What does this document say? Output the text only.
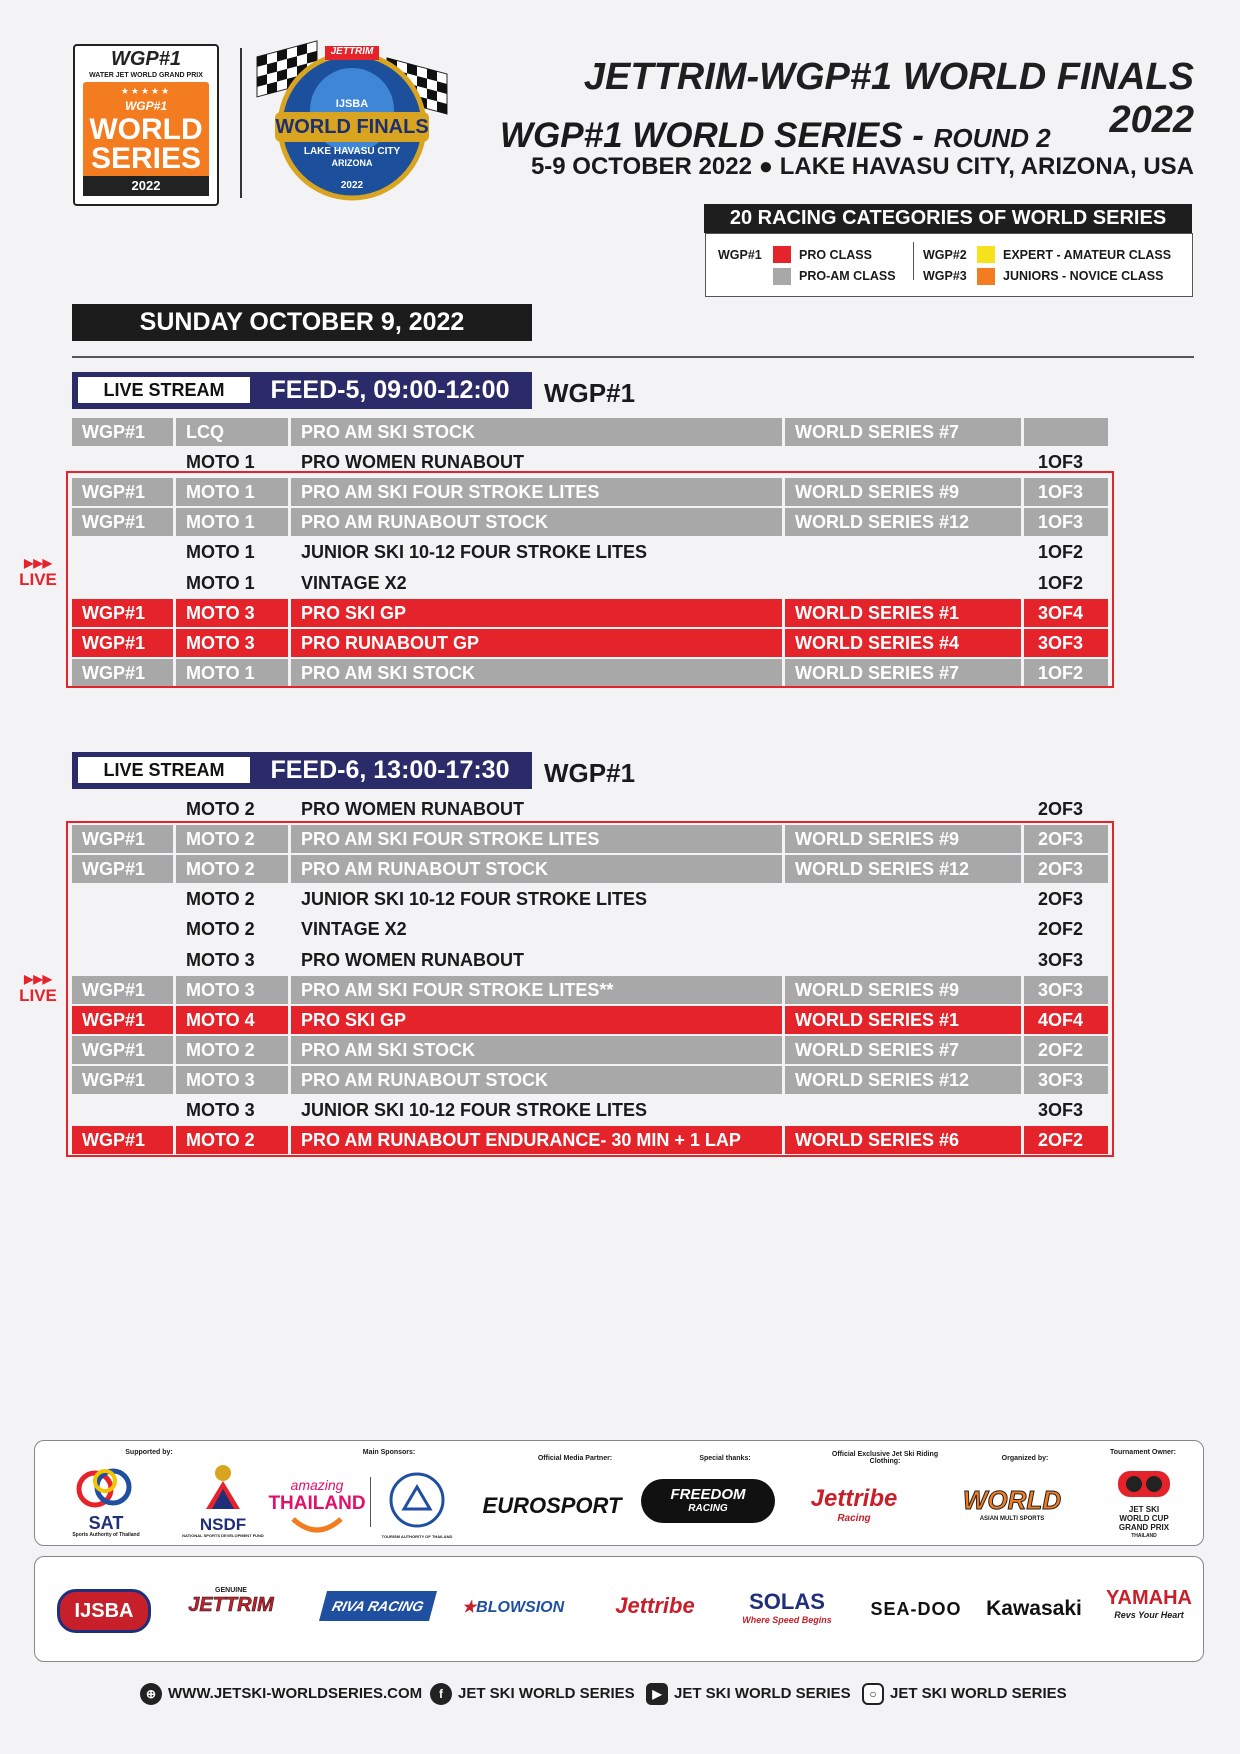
WGP#1
WATER JET WORLD GRAND PRIX
★★★★★
WGP#1
WORLD
SERIES
2022
JETTRIM
IJSBA
WORLD FINALS
LAKE HAVASU CITY
ARIZONA
2022
JETTRIM-WGP#1 WORLD FINALS 2022
WGP#1 WORLD SERIES - ROUND 2
5-9 OCTOBER 2022 ● LAKE HAVASU CITY, ARIZONA, USA
20 RACING CATEGORIES OF WORLD SERIES
WGP#1	PRO CLASS
PRO-AM CLASS
WGP#2	EXPERT - AMATEUR CLASS
WGP#3	JUNIORS - NOVICE CLASS
SUNDAY OCTOBER 9, 2022
LIVE STREAM	FEED-5, 09:00-12:00	WGP#1
WGP#1	LCQ	PRO AM SKI STOCK	WORLD SERIES #7
MOTO 1	PRO WOMEN RUNABOUT	1OF3
WGP#1	MOTO 1	PRO AM SKI FOUR STROKE LITES	WORLD SERIES #9	1OF3
WGP#1	MOTO 1	PRO AM RUNABOUT STOCK	WORLD SERIES #12	1OF3
MOTO 1	JUNIOR SKI 10-12 FOUR STROKE LITES	1OF2
MOTO 1	VINTAGE X2	1OF2
WGP#1	MOTO 3	PRO SKI GP	WORLD SERIES #1	3OF4
WGP#1	MOTO 3	PRO RUNABOUT GP	WORLD SERIES #4	3OF3
WGP#1	MOTO 1	PRO AM SKI STOCK	WORLD SERIES #7	1OF2
▶▶▶
LIVE
LIVE STREAM	FEED-6, 13:00-17:30	WGP#1
MOTO 2	PRO WOMEN RUNABOUT	2OF3
WGP#1	MOTO 2	PRO AM SKI FOUR STROKE LITES	WORLD SERIES #9	2OF3
WGP#1	MOTO 2	PRO AM RUNABOUT STOCK	WORLD SERIES #12	2OF3
MOTO 2	JUNIOR SKI 10-12 FOUR STROKE LITES	2OF3
MOTO 2	VINTAGE X2	2OF2
MOTO 3	PRO WOMEN RUNABOUT	3OF3
WGP#1	MOTO 3	PRO AM SKI FOUR STROKE LITES**	WORLD SERIES #9	3OF3
WGP#1	MOTO 4	PRO SKI GP	WORLD SERIES #1	4OF4
WGP#1	MOTO 2	PRO AM SKI STOCK	WORLD SERIES #7	2OF2
WGP#1	MOTO 3	PRO AM RUNABOUT STOCK	WORLD SERIES #12	3OF3
MOTO 3	JUNIOR SKI 10-12 FOUR STROKE LITES	3OF3
WGP#1	MOTO 2	PRO AM RUNABOUT ENDURANCE- 30 MIN + 1 LAP	WORLD SERIES #6	2OF2
▶▶▶
LIVE
Supported by:	Main Sponsors:
Official Media Partner:	Special thanks:
Official Exclusive Jet Ski Riding Clothing:	Organized by:
Tournament Owner:
SAT
Sports Authority of Thailand
NSDF
NATIONAL SPORTS DEVELOPMENT FUND
amazing
THAILAND
TOURISM AUTHORITY OF THAILAND
EUROSPORT	FREEDOM
RACING	Jettribe
Racing
WORLD
ASIAN MULTI SPORTS
JET SKI
WORLD CUP
GRAND PRIX
THAILAND
IJSBA
GENUINE
JETTRIM	RIVA RACING	★BLOWSION	Jettribe	SOLAS
Where Speed Begins
SEA-DOO	Kawasaki	YAMAHA
Revs Your Heart
⊕ WWW.JETSKI-WORLDSERIES.COM	f JET SKI WORLD SERIES	▶ JET SKI WORLD SERIES	○ JET SKI WORLD SERIES
